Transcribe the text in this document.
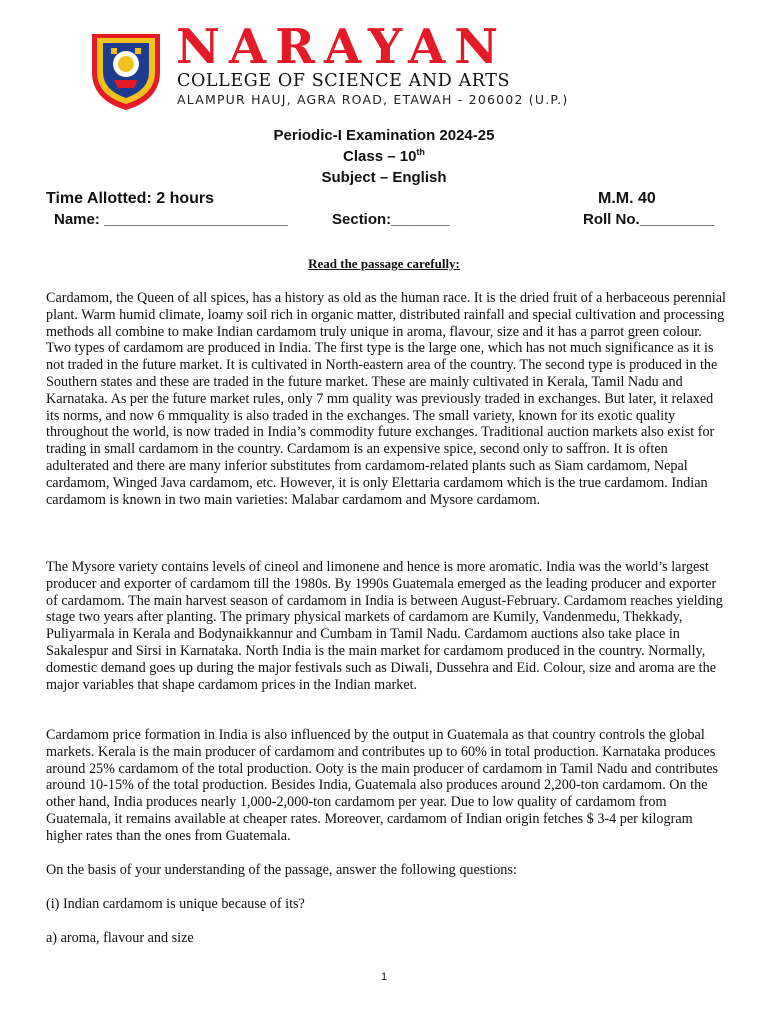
NARAYAN

COLLEGE OF SCIENCE AND ARTS

ALAMPUR HAUJ, AGRA ROAD, ETAWAH - 206002 (U.P.)

Periodic-I Examination 2024-25

Class – 10th

Subject – English

Time Allotted: 2 hours	M.M. 40

Name: ______________________	Section:_______	Roll No._________

Read the passage carefully:

Cardamom, the Queen of all spices, has a history as old as the human race. It is the dried fruit of a herbaceous perennial plant. Warm humid climate, loamy soil rich in organic matter, distributed rainfall and special cultivation and processing methods all combine to make Indian cardamom truly unique in aroma, flavour, size and it has a parrot green colour. Two types of cardamom are produced in India. The first type is the large one, which has not much significance as it is not traded in the future market. It is cultivated in North-eastern area of the country. The second type is produced in the Southern states and these are traded in the future market. These are mainly cultivated in Kerala, Tamil Nadu and Karnataka. As per the future market rules, only 7 mm quality was previously traded in exchanges. But later, it relaxed its norms, and now 6 mmquality is also traded in the exchanges. The small variety, known for its exotic quality throughout the world, is now traded in India’s commodity future exchanges. Traditional auction markets also exist for trading in small cardamom in the country. Cardamom is an expensive spice, second only to saffron. It is often adulterated and there are many inferior substitutes from cardamom-related plants such as Siam cardamom, Nepal cardamom, Winged Java cardamom, etc. However, it is only Elettaria cardamom which is the true cardamom. Indian cardamom is known in two main varieties: Malabar cardamom and Mysore cardamom.

The Mysore variety contains levels of cineol and limonene and hence is more aromatic. India was the world’s largest producer and exporter of cardamom till the 1980s. By 1990s Guatemala emerged as the leading producer and exporter of cardamom. The main harvest season of cardamom in India is between August-February. Cardamom reaches yielding stage two years after planting. The primary physical markets of cardamom are Kumily, Vandenmedu, Thekkady, Puliyarmala in Kerala and Bodynaikkannur and Cumbam in Tamil Nadu. Cardamom auctions also take place in Sakalespur and Sirsi in Karnataka. North India is the main market for cardamom produced in the country. Normally, domestic demand goes up during the major festivals such as Diwali, Dussehra and Eid. Colour, size and aroma are the major variables that shape cardamom prices in the Indian market.

Cardamom price formation in India is also influenced by the output in Guatemala as that country controls the global markets. Kerala is the main producer of cardamom and contributes up to 60% in total production. Karnataka produces around 25% cardamom of the total production. Ooty is the main producer of cardamom in Tamil Nadu and contributes around 10-15% of the total production. Besides India, Guatemala also produces around 2,200-ton cardamom. On the other hand, India produces nearly 1,000-2,000-ton cardamom per year. Due to low quality of cardamom from Guatemala, it remains available at cheaper rates. Moreover, cardamom of Indian origin fetches $ 3-4 per kilogram higher rates than the ones from Guatemala.

On the basis of your understanding of the passage, answer the following questions:

(i) Indian cardamom is unique because of its?

a) aroma, flavour and size

1
